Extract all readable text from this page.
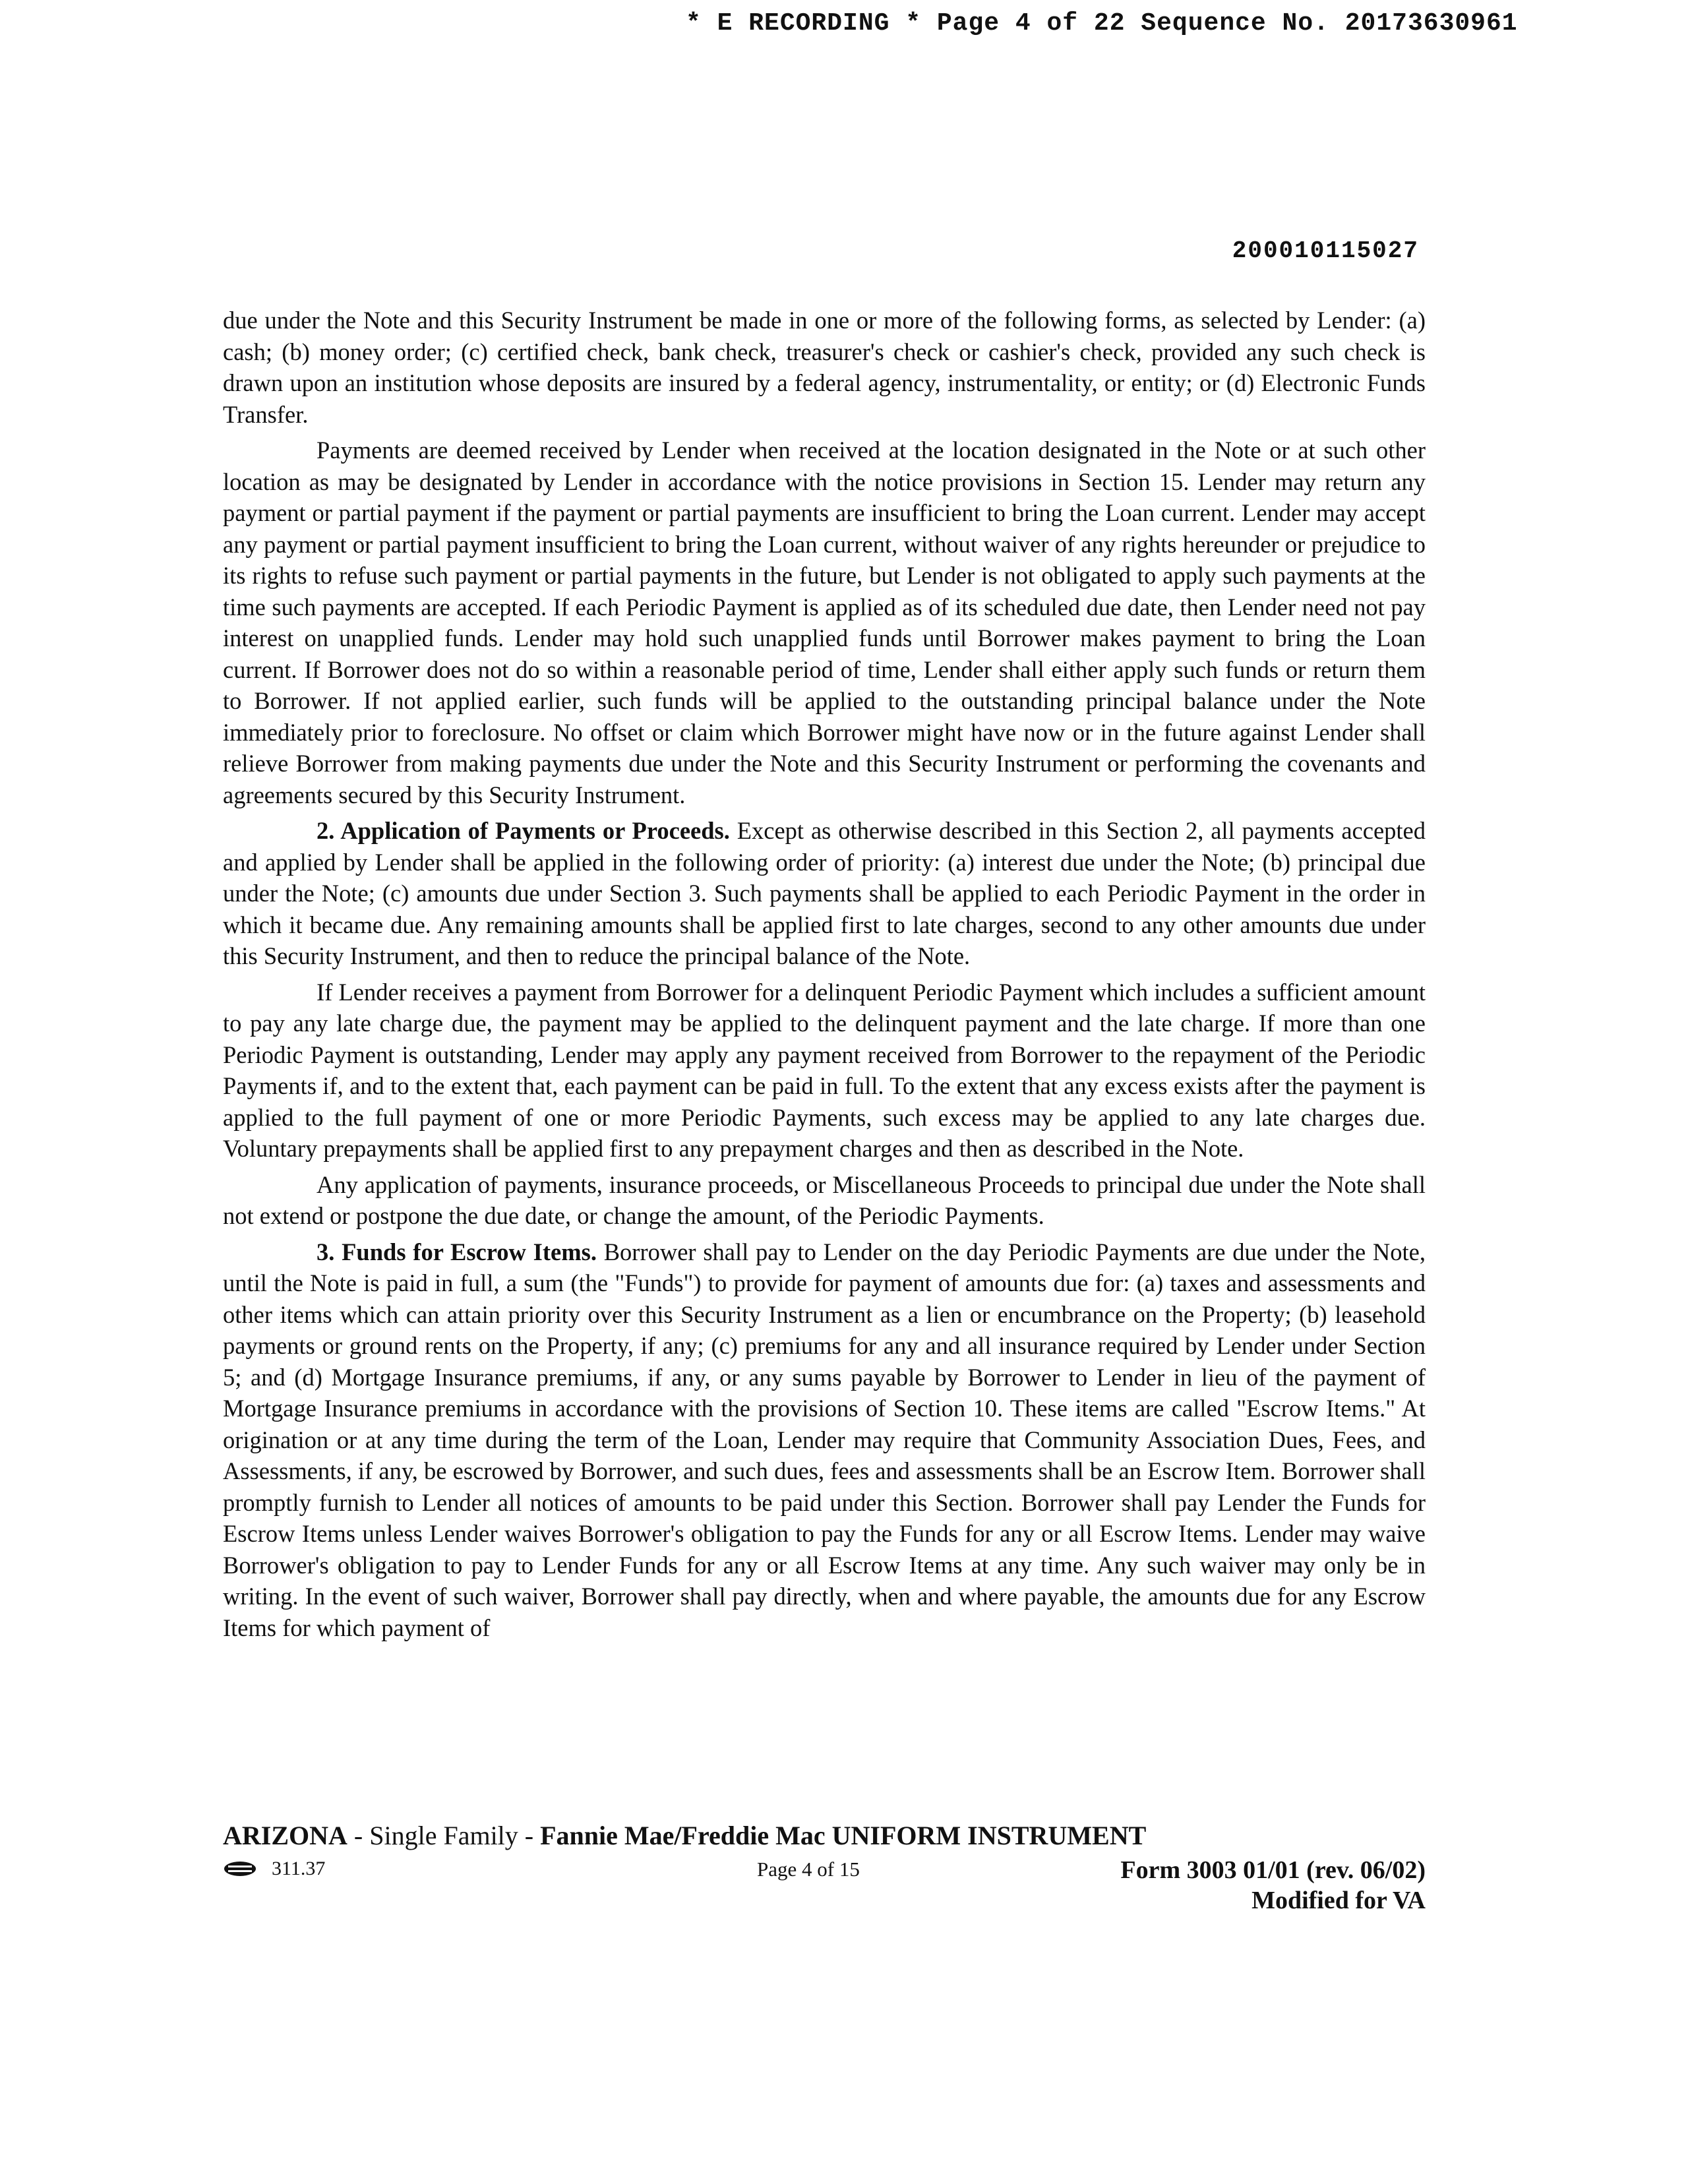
* E RECORDING * Page 4 of 22 Sequence No. 20173630961
200010115027

due under the Note and this Security Instrument be made in one or more of the following forms, as selected by Lender: (a) cash; (b) money order; (c) certified check, bank check, treasurer's check or cashier's check, provided any such check is drawn upon an institution whose deposits are insured by a federal agency, instrumentality, or entity; or (d) Electronic Funds Transfer.

Payments are deemed received by Lender when received at the location designated in the Note or at such other location as may be designated by Lender in accordance with the notice provisions in Section 15. Lender may return any payment or partial payment if the payment or partial payments are insufficient to bring the Loan current. Lender may accept any payment or partial payment insufficient to bring the Loan current, without waiver of any rights hereunder or prejudice to its rights to refuse such payment or partial payments in the future, but Lender is not obligated to apply such payments at the time such payments are accepted. If each Periodic Payment is applied as of its scheduled due date, then Lender need not pay interest on unapplied funds. Lender may hold such unapplied funds until Borrower makes payment to bring the Loan current. If Borrower does not do so within a reasonable period of time, Lender shall either apply such funds or return them to Borrower. If not applied earlier, such funds will be applied to the outstanding principal balance under the Note immediately prior to foreclosure. No offset or claim which Borrower might have now or in the future against Lender shall relieve Borrower from making payments due under the Note and this Security Instrument or performing the covenants and agreements secured by this Security Instrument.

2. Application of Payments or Proceeds. Except as otherwise described in this Section 2, all payments accepted and applied by Lender shall be applied in the following order of priority: (a) interest due under the Note; (b) principal due under the Note; (c) amounts due under Section 3. Such payments shall be applied to each Periodic Payment in the order in which it became due. Any remaining amounts shall be applied first to late charges, second to any other amounts due under this Security Instrument, and then to reduce the principal balance of the Note.

If Lender receives a payment from Borrower for a delinquent Periodic Payment which includes a sufficient amount to pay any late charge due, the payment may be applied to the delinquent payment and the late charge. If more than one Periodic Payment is outstanding, Lender may apply any payment received from Borrower to the repayment of the Periodic Payments if, and to the extent that, each payment can be paid in full. To the extent that any excess exists after the payment is applied to the full payment of one or more Periodic Payments, such excess may be applied to any late charges due. Voluntary prepayments shall be applied first to any prepayment charges and then as described in the Note.

Any application of payments, insurance proceeds, or Miscellaneous Proceeds to principal due under the Note shall not extend or postpone the due date, or change the amount, of the Periodic Payments.

3. Funds for Escrow Items. Borrower shall pay to Lender on the day Periodic Payments are due under the Note, until the Note is paid in full, a sum (the "Funds") to provide for payment of amounts due for: (a) taxes and assessments and other items which can attain priority over this Security Instrument as a lien or encumbrance on the Property; (b) leasehold payments or ground rents on the Property, if any; (c) premiums for any and all insurance required by Lender under Section 5; and (d) Mortgage Insurance premiums, if any, or any sums payable by Borrower to Lender in lieu of the payment of Mortgage Insurance premiums in accordance with the provisions of Section 10. These items are called "Escrow Items." At origination or at any time during the term of the Loan, Lender may require that Community Association Dues, Fees, and Assessments, if any, be escrowed by Borrower, and such dues, fees and assessments shall be an Escrow Item. Borrower shall promptly furnish to Lender all notices of amounts to be paid under this Section. Borrower shall pay Lender the Funds for Escrow Items unless Lender waives Borrower's obligation to pay the Funds for any or all Escrow Items. Lender may waive Borrower's obligation to pay to Lender Funds for any or all Escrow Items at any time. Any such waiver may only be in writing. In the event of such waiver, Borrower shall pay directly, when and where payable, the amounts due for any Escrow Items for which payment of

ARIZONA - Single Family - Fannie Mae/Freddie Mac UNIFORM INSTRUMENT
311.37	Page 4 of 15	Form 3003 01/01 (rev. 06/02)
Modified for VA
